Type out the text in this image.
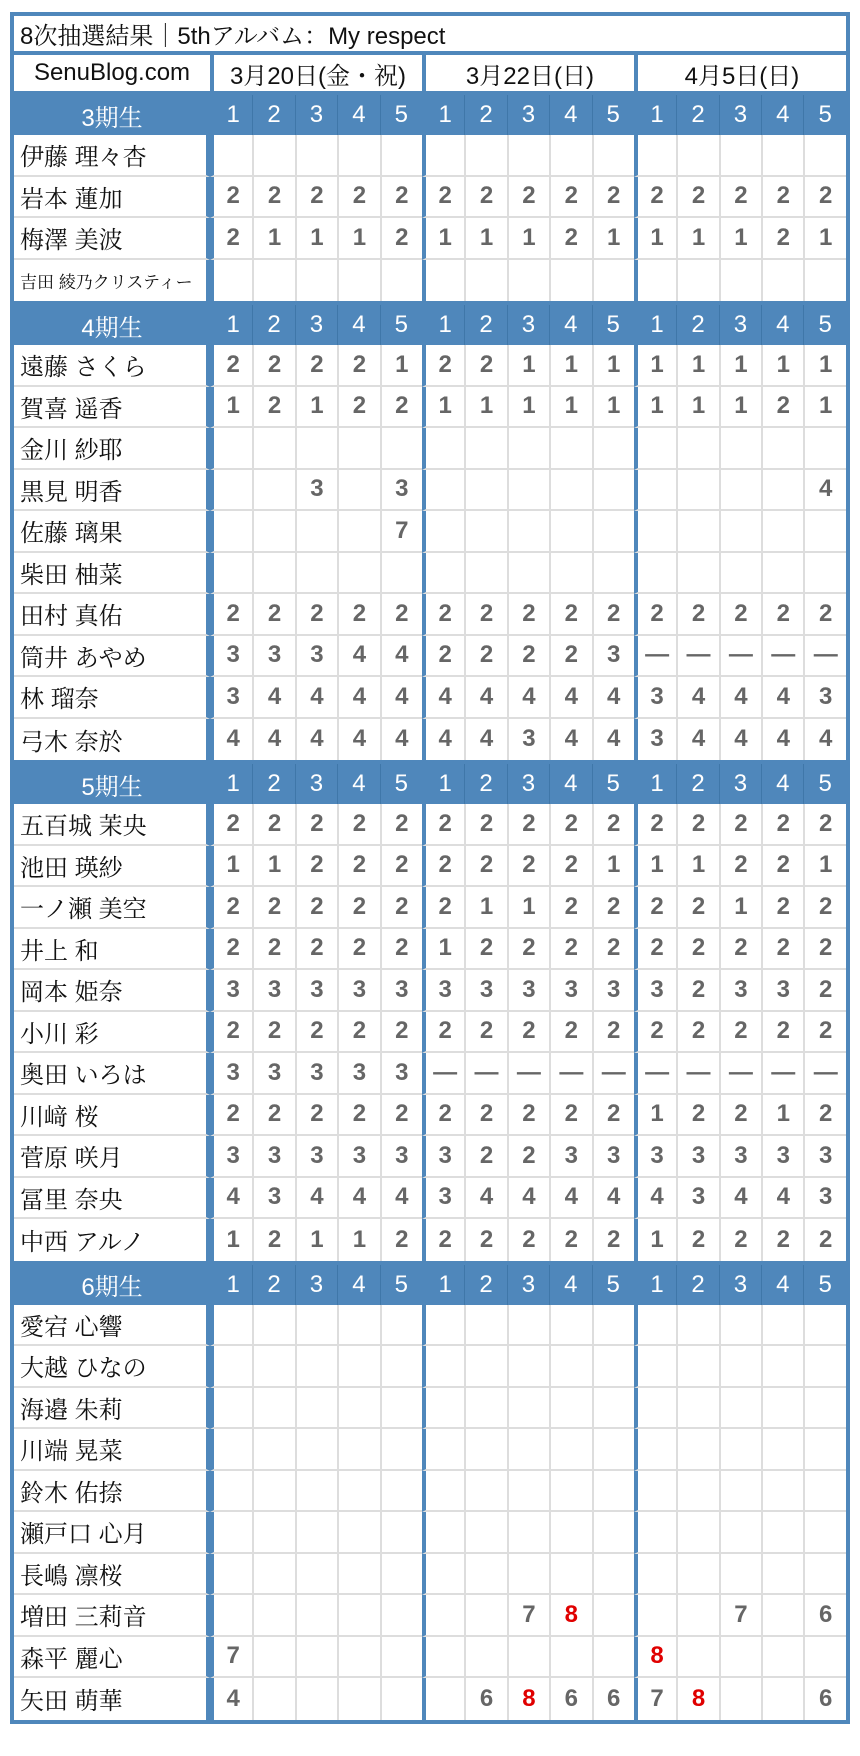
8次抽選結果｜5thアルバム：My respect															
SenuBlog.com	3月20日(金・祝)					3月22日(日)					4月5日(日)				

3期生	1	2	3	4	5	1	2	3	4	5	1	2	3	4	5
伊藤 理々杏															
岩本 蓮加	2	2	2	2	2	2	2	2	2	2	2	2	2	2	2
梅澤 美波	2	1	1	1	2	1	1	1	2	1	1	1	1	2	1
吉田 綾乃クリスティー															

4期生	1	2	3	4	5	1	2	3	4	5	1	2	3	4	5
遠藤 さくら	2	2	2	2	1	2	2	1	1	1	1	1	1	1	1
賀喜 遥香	1	2	1	2	2	1	1	1	1	1	1	1	1	2	1
金川 紗耶															
黒見 明香			3		3										4
佐藤 璃果					7										
柴田 柚菜															
田村 真佑	2	2	2	2	2	2	2	2	2	2	2	2	2	2	2
筒井 あやめ	3	3	3	4	4	2	2	2	2	3	—	—	—	—	—
林 瑠奈	3	4	4	4	4	4	4	4	4	4	3	4	4	4	3
弓木 奈於	4	4	4	4	4	4	4	3	4	4	3	4	4	4	4

5期生	1	2	3	4	5	1	2	3	4	5	1	2	3	4	5
五百城 茉央	2	2	2	2	2	2	2	2	2	2	2	2	2	2	2
池田 瑛紗	1	1	2	2	2	2	2	2	2	1	1	1	2	2	1
一ノ瀬 美空	2	2	2	2	2	2	1	1	2	2	2	2	1	2	2
井上 和	2	2	2	2	2	1	2	2	2	2	2	2	2	2	2
岡本 姫奈	3	3	3	3	3	3	3	3	3	3	3	2	3	3	2
小川 彩	2	2	2	2	2	2	2	2	2	2	2	2	2	2	2
奥田 いろは	3	3	3	3	3	—	—	—	—	—	—	—	—	—	—
川﨑 桜	2	2	2	2	2	2	2	2	2	2	1	2	2	1	2
菅原 咲月	3	3	3	3	3	3	2	2	3	3	3	3	3	3	3
冨里 奈央	4	3	4	4	4	3	4	4	4	4	4	3	4	4	3
中西 アルノ	1	2	1	1	2	2	2	2	2	2	1	2	2	2	2

6期生	1	2	3	4	5	1	2	3	4	5	1	2	3	4	5
愛宕 心響															
大越 ひなの															
海邉 朱莉															
川端 晃菜															
鈴木 佑捺															
瀬戸口 心月															
長嶋 凛桜															
増田 三莉音								7	8				7		6
森平 麗心	7										8				
矢田 萌華	4						6	8	6	6	7	8			6
